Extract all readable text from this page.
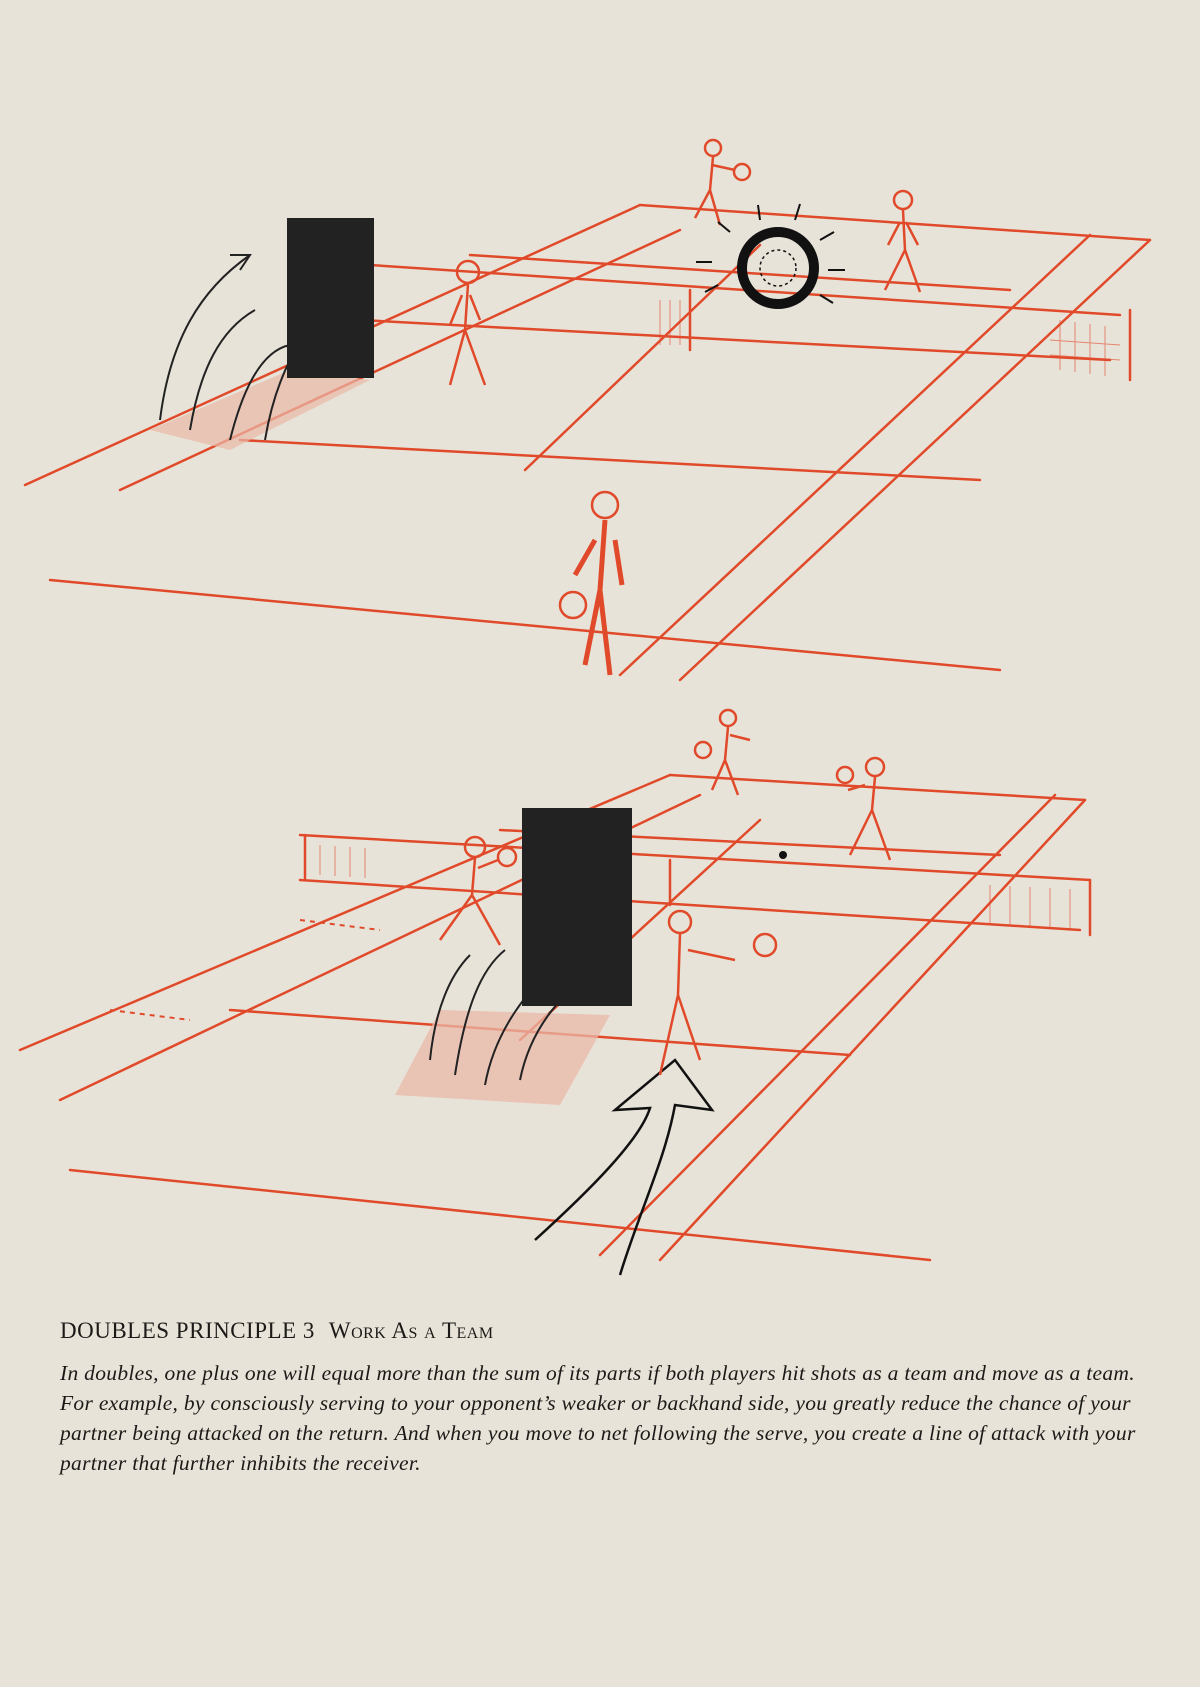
DOUBLES PRINCIPLE 3 Work As a Team

In doubles, one plus one will equal more than the sum of its parts if both players hit shots as a team and move as a team. For example, by consciously serving to your opponent’s weaker or backhand side, you greatly reduce the chance of your partner being attacked on the return. And when you move to net following the serve, you create a line of attack with your partner that further inhibits the receiver.
